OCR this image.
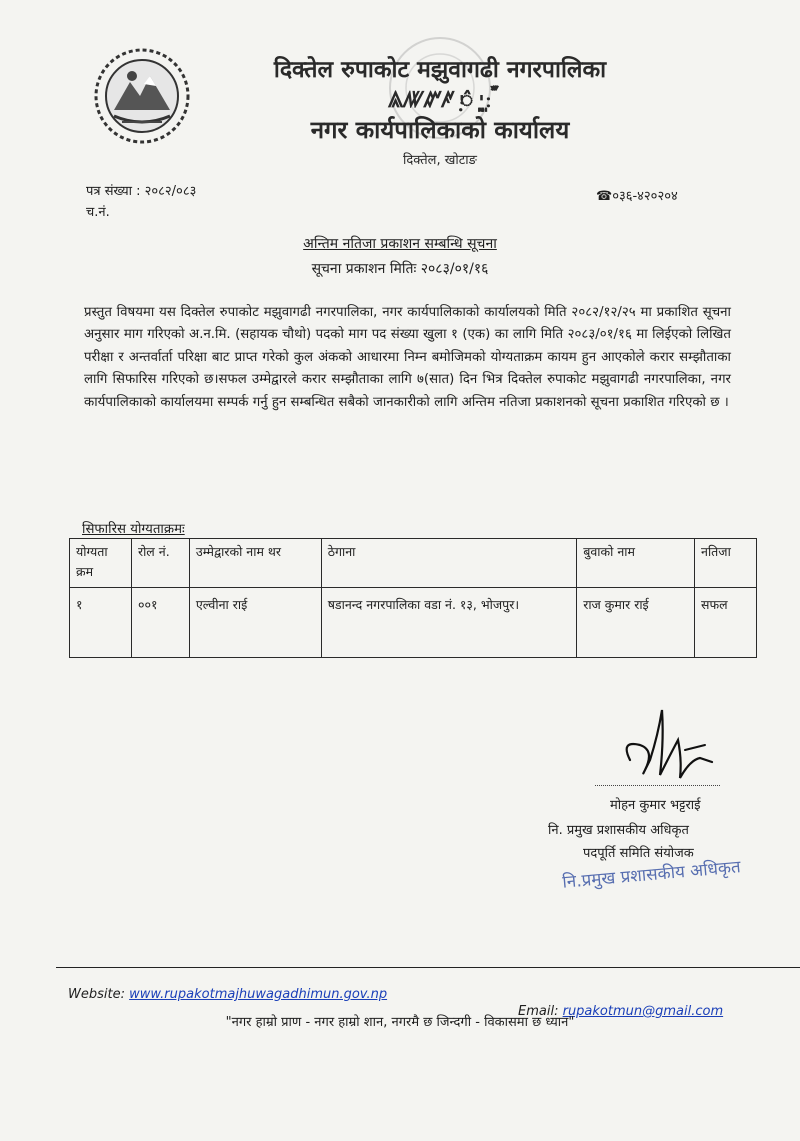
दिक्तेल रुपाकोट मझुवागढी नगरपालिका
ꥃꥄꥅꥆ ꥇꥈꥉꥊ ꥋꥌꥍꥎ ꥏꥐꥑꥒ
नगर कार्यपालिकाको कार्यालय
दिक्तेल, खोटाङ
पत्र संख्या : २०८२/०८३
च.नं.
☎०३६-४२०२०४
अन्तिम नतिजा प्रकाशन सम्बन्धि सूचना
सूचना प्रकाशन मितिः २०८३/०१/१६

प्रस्तुत विषयमा यस दिक्तेल रुपाकोट मझुवागढी नगरपालिका, नगर कार्यपालिकाको कार्यालयको मिति २०८२/१२/२५ मा प्रकाशित सूचना अनुसार माग गरिएको अ.न.मि. (सहायक चौथो) पदको माग पद संख्या खुला १ (एक) का लागि मिति २०८३/०१/१६ मा लिईएको लिखित परीक्षा र अन्तर्वार्ता परिक्षा बाट प्राप्त गरेको कुल अंकको आधारमा निम्न बमोजिमको योग्यताक्रम कायम हुन आएकोले करार सम्झौताका लागि सिफारिस गरिएको छ।सफल उम्मेद्वारले करार सम्झौताका लागि ७(सात) दिन भित्र दिक्तेल रुपाकोट मझुवागढी नगरपालिका, नगर कार्यपालिकाको कार्यालयमा सम्पर्क गर्नु हुन सम्बन्धित सबैको जानकारीको लागि अन्तिम नतिजा प्रकाशनको सूचना प्रकाशित गरिएको छ ।

सिफारिस योग्यताक्रमः
योग्यता क्रम	रोल नं.	उम्मेद्वारको नाम थर	ठेगाना	बुवाको नाम	नतिजा
१	००१	एल्वीना राई	षडानन्द नगरपालिका वडा नं. १३, भोजपुर।	राज कुमार राई	सफल
मोहन कुमार भट्टराई
नि. प्रमुख प्रशासकीय अधिकृत
पदपूर्ति समिति संयोजक
नि.प्रमुख प्रशासकीय अधिकृत
Website: www.rupakotmajhuwagadhimun.gov.np
Email: rupakotmun@gmail.com
"नगर हाम्रो प्राण - नगर हाम्रो शान, नगरमै छ जिन्दगी - विकासमा छ ध्यान"
